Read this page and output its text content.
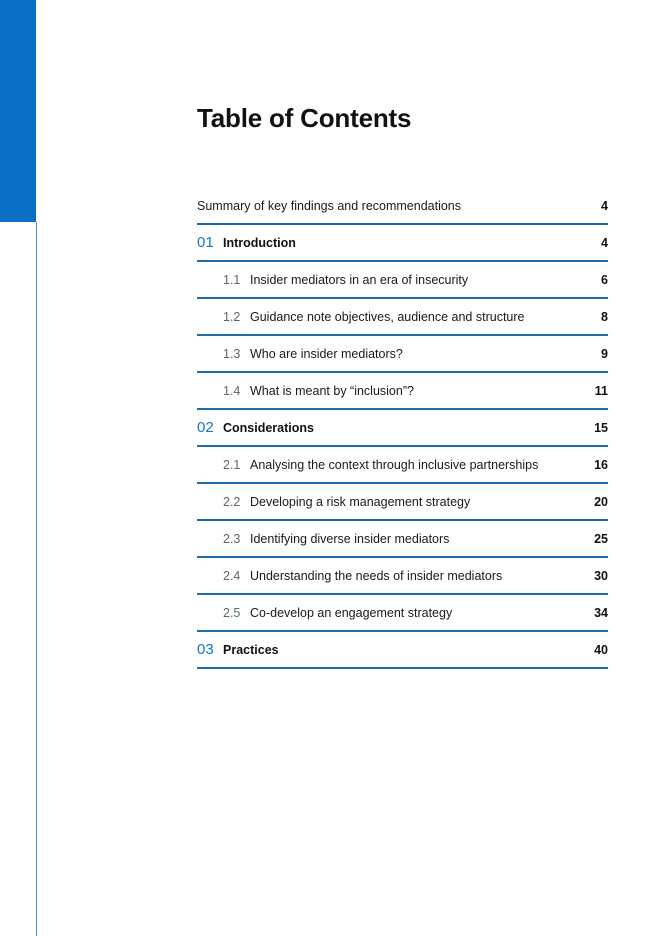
Table of Contents
Summary of key findings and recommendations	4
01 Introduction	4
1.1 Insider mediators in an era of insecurity	6
1.2 Guidance note objectives, audience and structure	8
1.3 Who are insider mediators?	9
1.4 What is meant by “inclusion”?	11
02 Considerations	15
2.1 Analysing the context through inclusive partnerships	16
2.2 Developing a risk management strategy	20
2.3 Identifying diverse insider mediators	25
2.4 Understanding the needs of insider mediators	30
2.5 Co-develop an engagement strategy	34
03 Practices	40
